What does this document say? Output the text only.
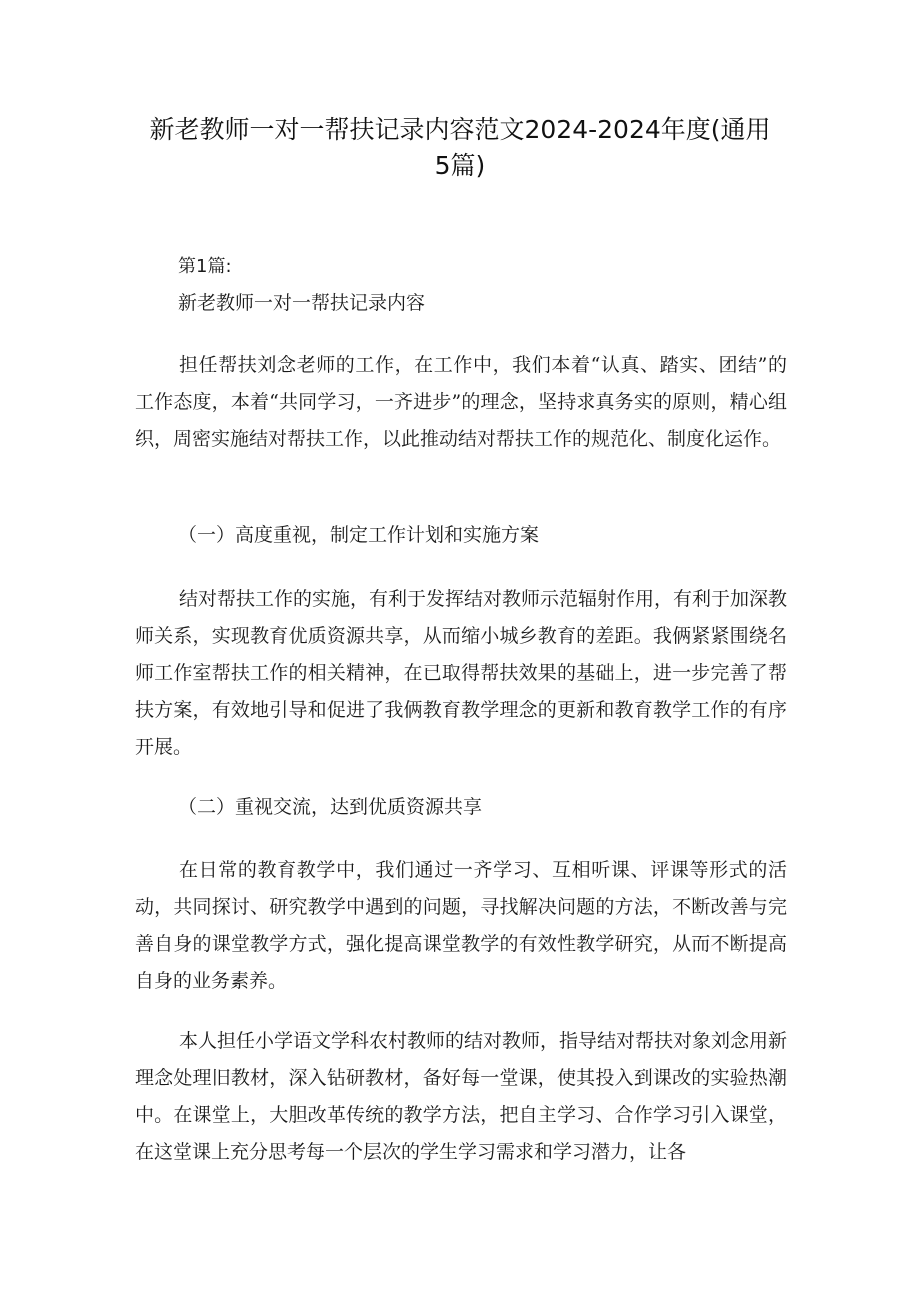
新老教师一对一帮扶记录内容范文2024-2024年度(通用
5篇)
第1篇:
新老教师一对一帮扶记录内容
担任帮扶刘念老师的工作，在工作中，我们本着“认真、踏实、团结”的工作态度，本着“共同学习，一齐进步”的理念，坚持求真务实的原则，精心组织，周密实施结对帮扶工作，以此推动结对帮扶工作的规范化、制度化运作。
（一）高度重视，制定工作计划和实施方案
结对帮扶工作的实施，有利于发挥结对教师示范辐射作用，有利于加深教师关系，实现教育优质资源共享，从而缩小城乡教育的差距。我俩紧紧围绕名师工作室帮扶工作的相关精神，在已取得帮扶效果的基础上，进一步完善了帮扶方案，有效地引导和促进了我俩教育教学理念的更新和教育教学工作的有序开展。
（二）重视交流，达到优质资源共享
在日常的教育教学中，我们通过一齐学习、互相听课、评课等形式的活动，共同探讨、研究教学中遇到的问题，寻找解决问题的方法，不断改善与完善自身的课堂教学方式，强化提高课堂教学的有效性教学研究，从而不断提高自身的业务素养。
本人担任小学语文学科农村教师的结对教师，指导结对帮扶对象刘念用新理念处理旧教材，深入钻研教材，备好每一堂课，使其投入到课改的实验热潮中。在课堂上，大胆改革传统的教学方法，把自主学习、合作学习引入课堂，在这堂课上充分思考每一个层次的学生学习需求和学习潜力，让各
